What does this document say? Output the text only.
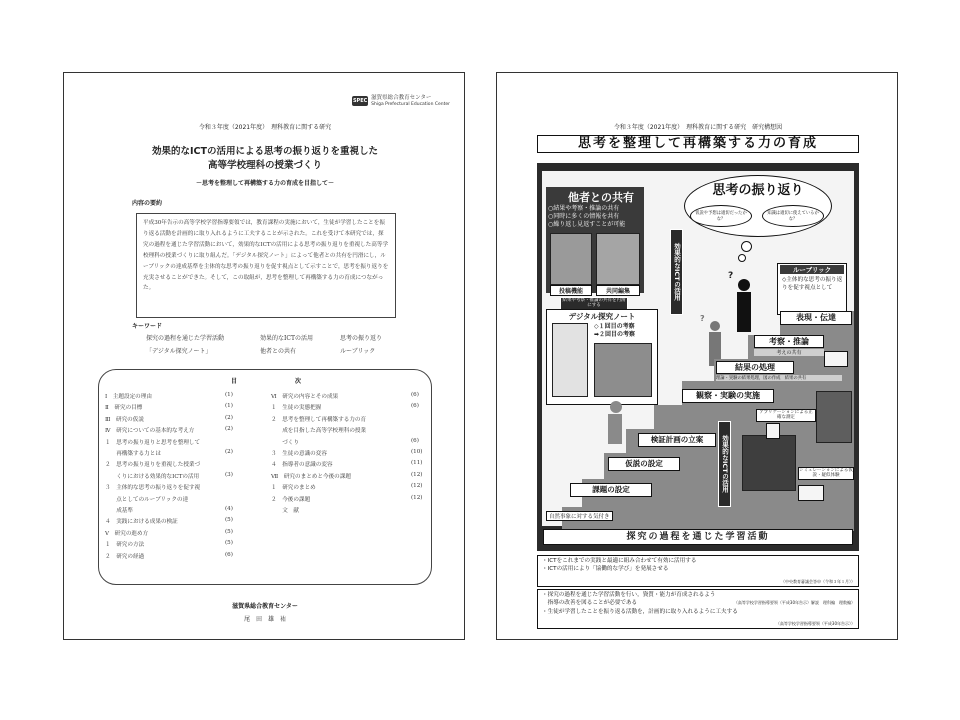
SPEC 滋賀県総合教育センター
Shiga Prefectural Education Center
令和３年度（2021年度）　理科教育に関する研究
効果的なICTの活用による思考の振り返りを重視した
高等学校理科の授業づくり
－思考を整理して再構築する力の育成を目指して－
内容の要約
平成30年告示の高等学校学習指導要領では，教育課程の実施において，生徒が学習したことを振り返る活動を計画的に取り入れるように工夫することが示された。これを受けて本研究では，探究の過程を通じた学習活動において，効果的なICTの活用による思考の振り返りを重視した高等学校理科の授業づくりに取り組んだ。「デジタル探究ノート」によって他者との共有を円滑にし，ルーブリックの達成基準を主体的な思考の振り返りを促す視点として示すことで，思考を振り返りを充実させることができた。そして，この取組が，思考を整理して再構築する力の育成につながった。
キーワード
探究の過程を通じた学習活動	効果的なICTの活用	思考の振り返り
「デジタル探究ノート」	他者との共有	ルーブリック
目	次
Ⅰ　主題設定の理由	(1)
Ⅱ　研究の目標	(1)
Ⅲ　研究の仮説	(2)
Ⅳ　研究についての基本的な考え方	(2)
１　思考の振り返りと思考を整理して
　　再構築する力とは	(2)
２　思考の振り返りを重視した授業づ
　　くりにおける効果的なICTの活用	(3)
３　主体的な思考の振り返りを促す視
　　点としてのルーブリックの達
　　成基準	(4)
４　実践における成果の検証	(5)
Ⅴ　研究の進め方	(5)
１　研究の方法	(5)
２　研究の経過	(6)
Ⅵ　研究の内容とその成果	(6)
１　生徒の実態把握	(6)
２　思考を整理して再構築する力の育
　　成を目指した高等学校理科の授業
　　づくり	(6)
３　生徒の意識の変容	(10)
４　指導者の意識の変容	(11)
Ⅶ　研究のまとめと今後の課題	(12)
１　研究のまとめ	(12)
２　今後の課題	(12)
　　文　献
滋賀県総合教育センター
尾　田　雄　祐
令和３年度（2021年度）　理科教育に関する研究　研究構想図
思考を整理して再構築する力の育成
思考の振り返り
仮説や予想は適切だったかな？
知識は適切に使えているかな？
他者との共有
○結果や考察・推論の共有
○同時に多くの情報を共有
○繰り返し見返すことが可能
投稿機能	共同編集	効果的なICTの活用	ルーブリック
◇主体的な思考の振り返りを促す視点として
結果や考察・推論の共有を円滑にする
デジタル探究ノート
◇１回目の考察
➡２回目の考察
?
?	表現・伝達
考察・推論
考えの共有
結果の処理
理論・実験の結果処理，図の作成　結果の共有
観察・実験の実施
アプリケーションによる正確な測定
検証計画の立案
仮説の設定	効果的なICTの活用	シミュレーションによる仮説・疑似体験
課題の設定
自然事象に対する気付き
探究の過程を通じた学習活動
・ICTをこれまでの実践と最適に組み合わせて有効に活用する
・ICTの活用により「協働的な学び」を発展させる
（中央教育審議会答申（令和３年１月））
・探究の過程を通じた学習活動を行い，資質・能力が育成されるよう
　指導の改善を図ることが必要である
・生徒が学習したことを振り返る活動を，計画的に取り入れるように工夫する
（高等学校学習指導要領（平成30年告示）解説　理科編　理数編）
（高等学校学習指導要領（平成30年告示））
